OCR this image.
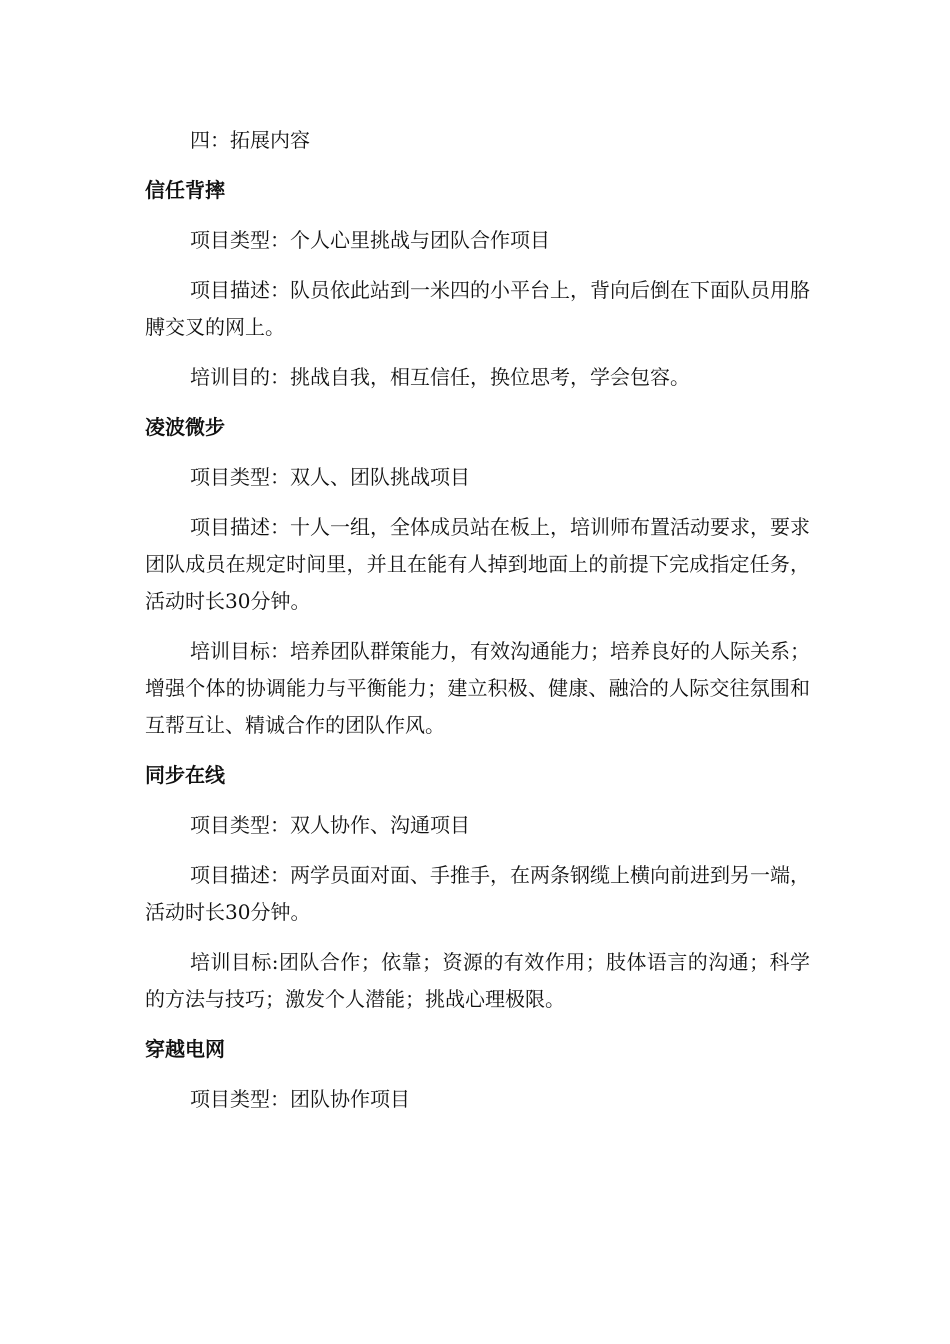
四：拓展内容

信任背摔

项目类型：个人心里挑战与团队合作项目

项目描述：队员依此站到一米四的小平台上，背向后倒在下面队员用胳膊交叉的网上。

培训目的：挑战自我，相互信任，换位思考，学会包容。

凌波微步

项目类型：双人、团队挑战项目

项目描述：十人一组，全体成员站在板上，培训师布置活动要求，要求团队成员在规定时间里，并且在能有人掉到地面上的前提下完成指定任务，活动时长30分钟。

培训目标：培养团队群策能力，有效沟通能力；培养良好的人际关系；增强个体的协调能力与平衡能力；建立积极、健康、融洽的人际交往氛围和互帮互让、精诚合作的团队作风。

同步在线

项目类型：双人协作、沟通项目

项目描述：两学员面对面、手推手，在两条钢缆上横向前进到另一端，活动时长30分钟。

培训目标:团队合作；依靠；资源的有效作用；肢体语言的沟通；科学的方法与技巧；激发个人潜能；挑战心理极限。

穿越电网

项目类型：团队协作项目
